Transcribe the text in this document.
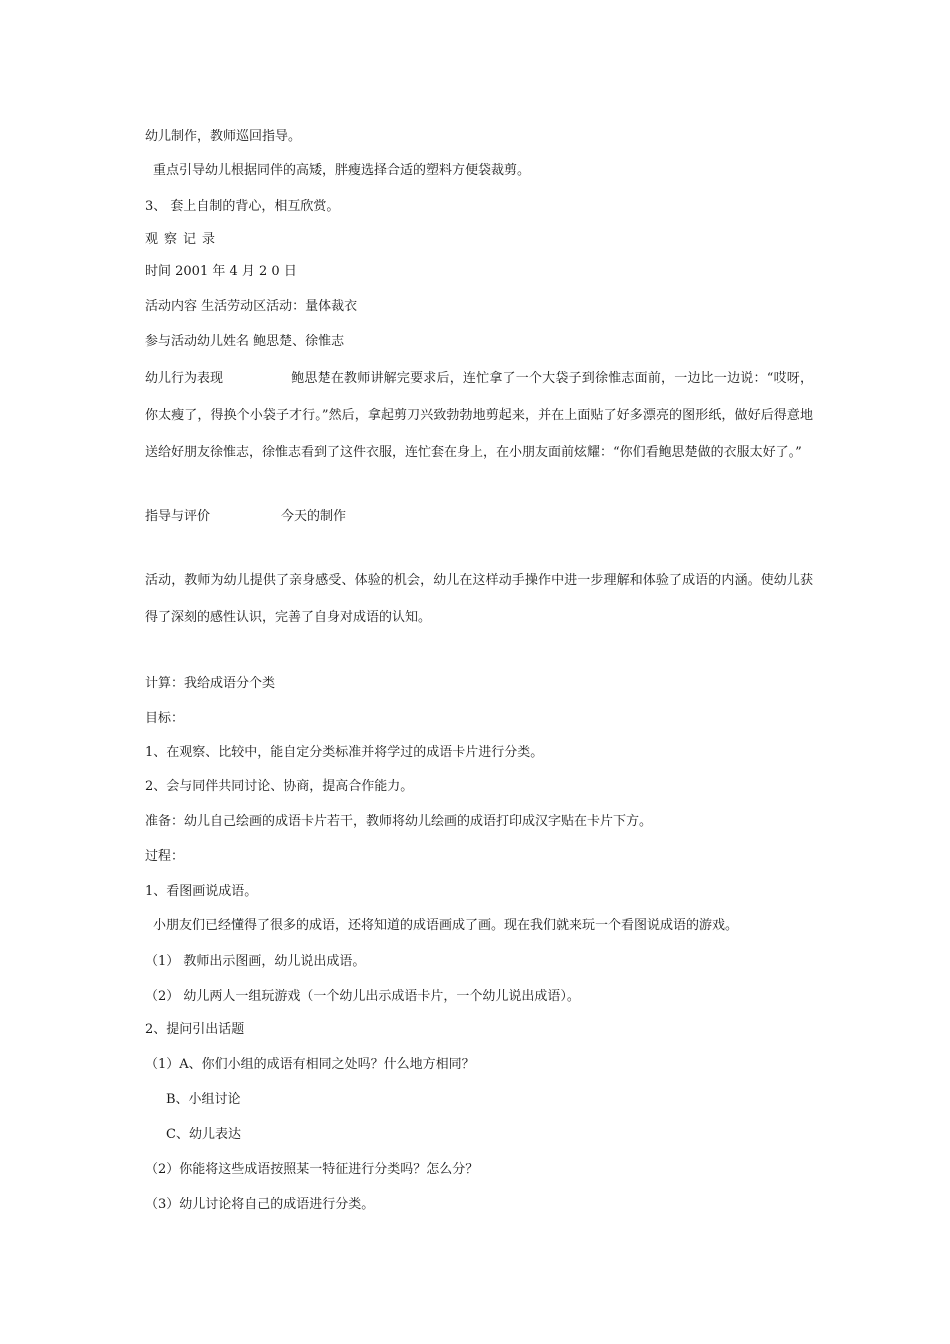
幼儿制作，教师巡回指导。
重点引导幼儿根据同伴的高矮，胖瘦选择合适的塑料方便袋裁剪。
3、 套上自制的背心，相互欣赏。
观察记录
时间 2001 年 4 月 2 0 日
活动内容 生活劳动区活动：量体裁衣
参与活动幼儿姓名 鲍思楚、徐惟志
幼儿行为表现	鲍思楚在教师讲解完要求后，连忙拿了一个大袋子到徐惟志面前，一边比一边说：“哎呀，你太瘦了，得换个小袋子才行。”然后，拿起剪刀兴致勃勃地剪起来，并在上面贴了好多漂亮的图形纸，做好后得意地送给好朋友徐惟志，徐惟志看到了这件衣服，连忙套在身上，在小朋友面前炫耀：“你们看鲍思楚做的衣服太好了。”
指导与评价	今天的制作
活动，教师为幼儿提供了亲身感受、体验的机会，幼儿在这样动手操作中进一步理解和体验了成语的内涵。使幼儿获得了深刻的感性认识，完善了自身对成语的认知。
计算：我给成语分个类
目标：
1、在观察、比较中，能自定分类标准并将学过的成语卡片进行分类。
2、会与同伴共同讨论、协商，提高合作能力。
准备：幼儿自己绘画的成语卡片若干，教师将幼儿绘画的成语打印成汉字贴在卡片下方。
过程：
1、看图画说成语。
小朋友们已经懂得了很多的成语，还将知道的成语画成了画。现在我们就来玩一个看图说成语的游戏。
（1） 教师出示图画，幼儿说出成语。
（2） 幼儿两人一组玩游戏（一个幼儿出示成语卡片，一个幼儿说出成语）。
2、提问引出话题
（1）A、你们小组的成语有相同之处吗？什么地方相同？
B、小组讨论
C、幼儿表达
（2）你能将这些成语按照某一特征进行分类吗？怎么分？
（3）幼儿讨论将自己的成语进行分类。
